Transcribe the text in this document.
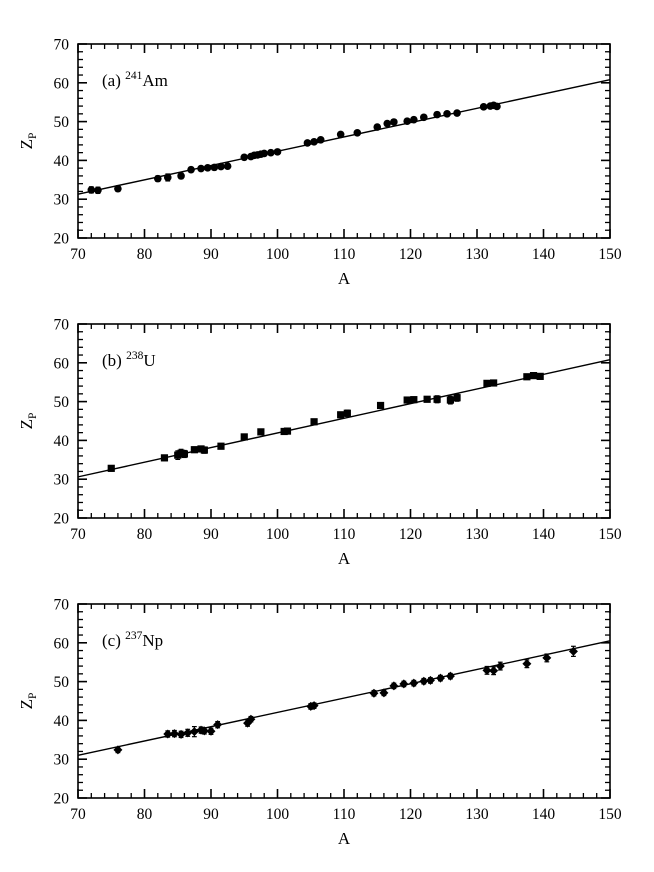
70	80	90	100	110	120	130	140	150
20
30
40
50
60
70
A
$Z_P$
(a) $^{241}$Am
70	80	90	100	110	120	130	140	150
20
30
40
50
60
70
A
$Z_P$
(b) $^{238}$U
70	80	90	100	110	120	130	140	150
20
30
40
50
60
70
A
$Z_P$
(c) $^{237}$Np
